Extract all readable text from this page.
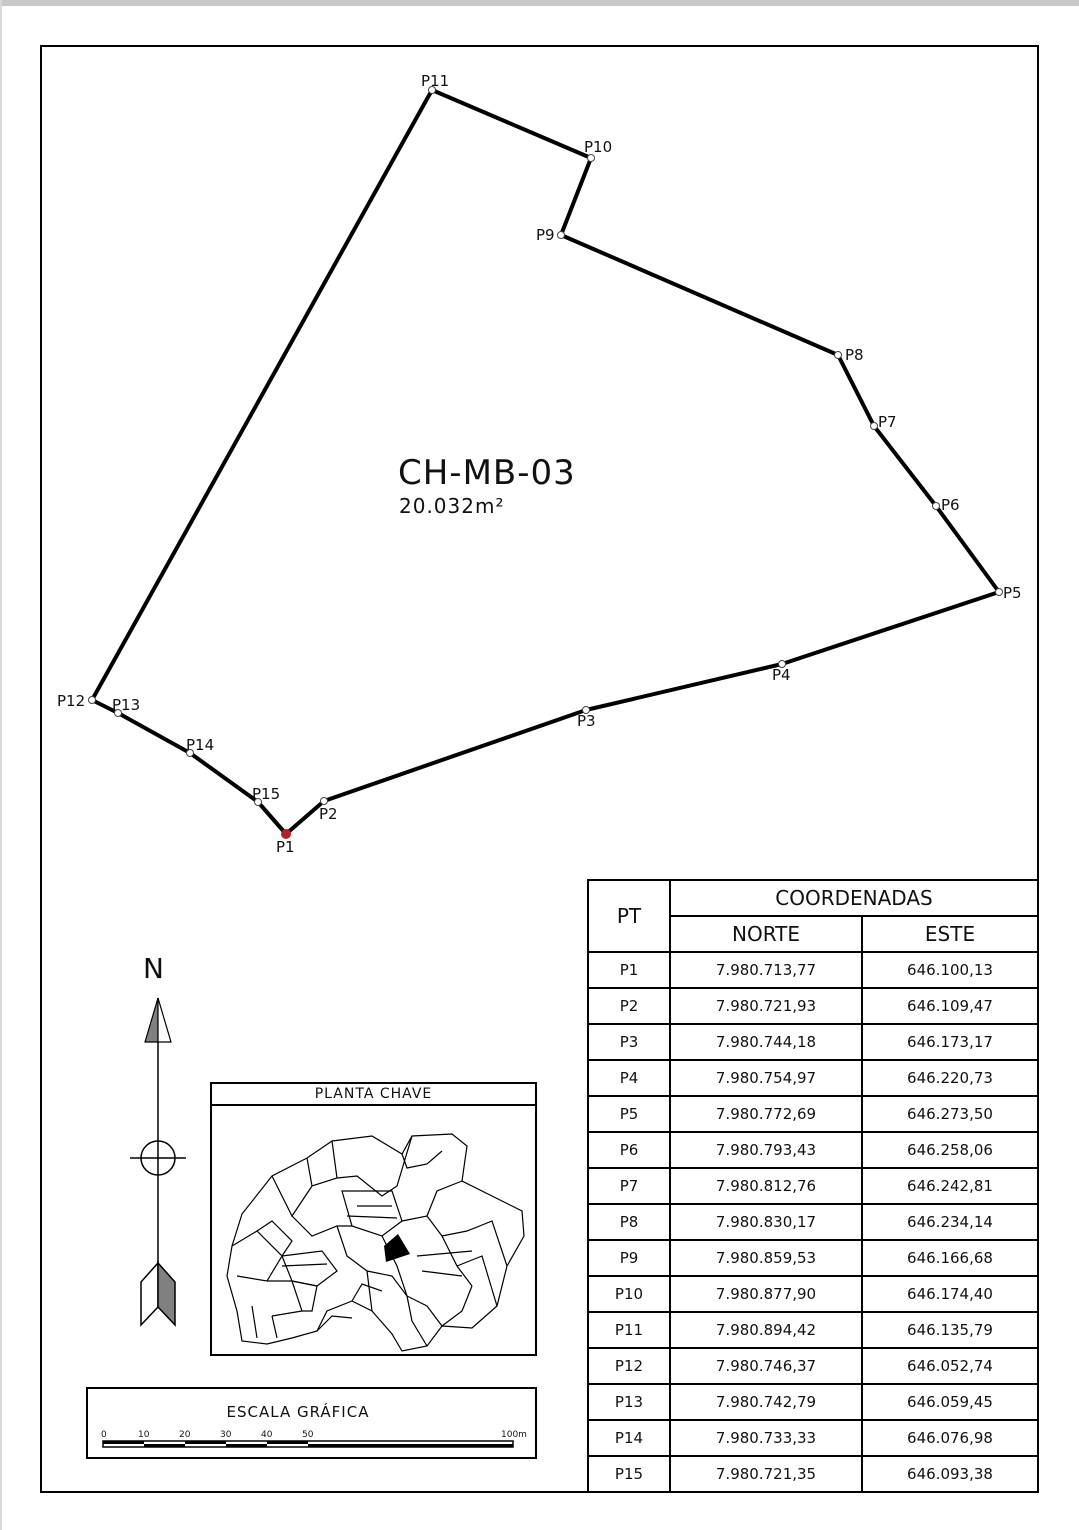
P1
P2
P3
P4
P5
P6
P7
P8
P9
P10
P11
P12 P13
P14
P15
CH-MB-03
20.032m²
N
PLANTA CHAVE
ESCALA GRÁFICA
0	10	20	30	40	50	100m
PT	COORDENADAS	
	NORTE	ESTE
P1	7.980.713,77	646.100,13
P2	7.980.721,93	646.109,47
P3	7.980.744,18	646.173,17
P4	7.980.754,97	646.220,73
P5	7.980.772,69	646.273,50
P6	7.980.793,43	646.258,06
P7	7.980.812,76	646.242,81
P8	7.980.830,17	646.234,14
P9	7.980.859,53	646.166,68
P10	7.980.877,90	646.174,40
P11	7.980.894,42	646.135,79
P12	7.980.746,37	646.052,74
P13	7.980.742,79	646.059,45
P14	7.980.733,33	646.076,98
P15	7.980.721,35	646.093,38
